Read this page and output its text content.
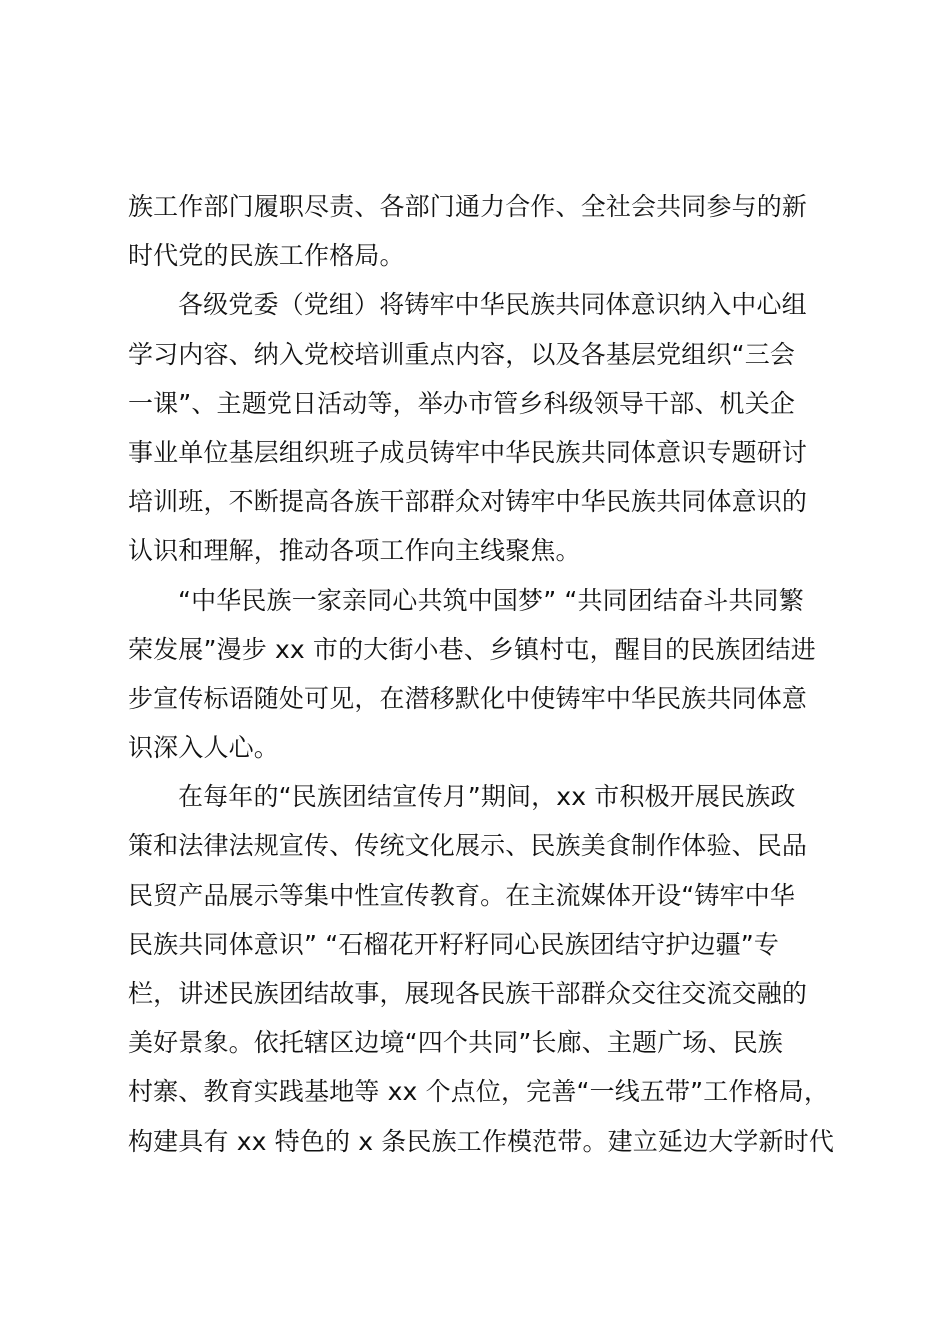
族工作部门履职尽责、各部门通力合作、全社会共同参与的新
时代党的民族工作格局。
各级党委（党组）将铸牢中华民族共同体意识纳入中心组
学习内容、纳入党校培训重点内容，以及各基层党组织“三会
一课”、主题党日活动等，举办市管乡科级领导干部、机关企
事业单位基层组织班子成员铸牢中华民族共同体意识专题研讨
培训班，不断提高各族干部群众对铸牢中华民族共同体意识的
认识和理解，推动各项工作向主线聚焦。
“中华民族一家亲同心共筑中国梦” “共同团结奋斗共同繁
荣发展”漫步 xx 市的大街小巷、乡镇村屯，醒目的民族团结进
步宣传标语随处可见，在潜移默化中使铸牢中华民族共同体意
识深入人心。
在每年的“民族团结宣传月”期间，xx 市积极开展民族政
策和法律法规宣传、传统文化展示、民族美食制作体验、民品
民贸产品展示等集中性宣传教育。在主流媒体开设“铸牢中华
民族共同体意识” “石榴花开籽籽同心民族团结守护边疆”专
栏，讲述民族团结故事，展现各民族干部群众交往交流交融的
美好景象。依托辖区边境“四个共同”长廊、主题广场、民族
村寨、教育实践基地等 xx 个点位，完善“一线五带”工作格局，
构建具有 xx 特色的 x 条民族工作模范带。建立延边大学新时代
